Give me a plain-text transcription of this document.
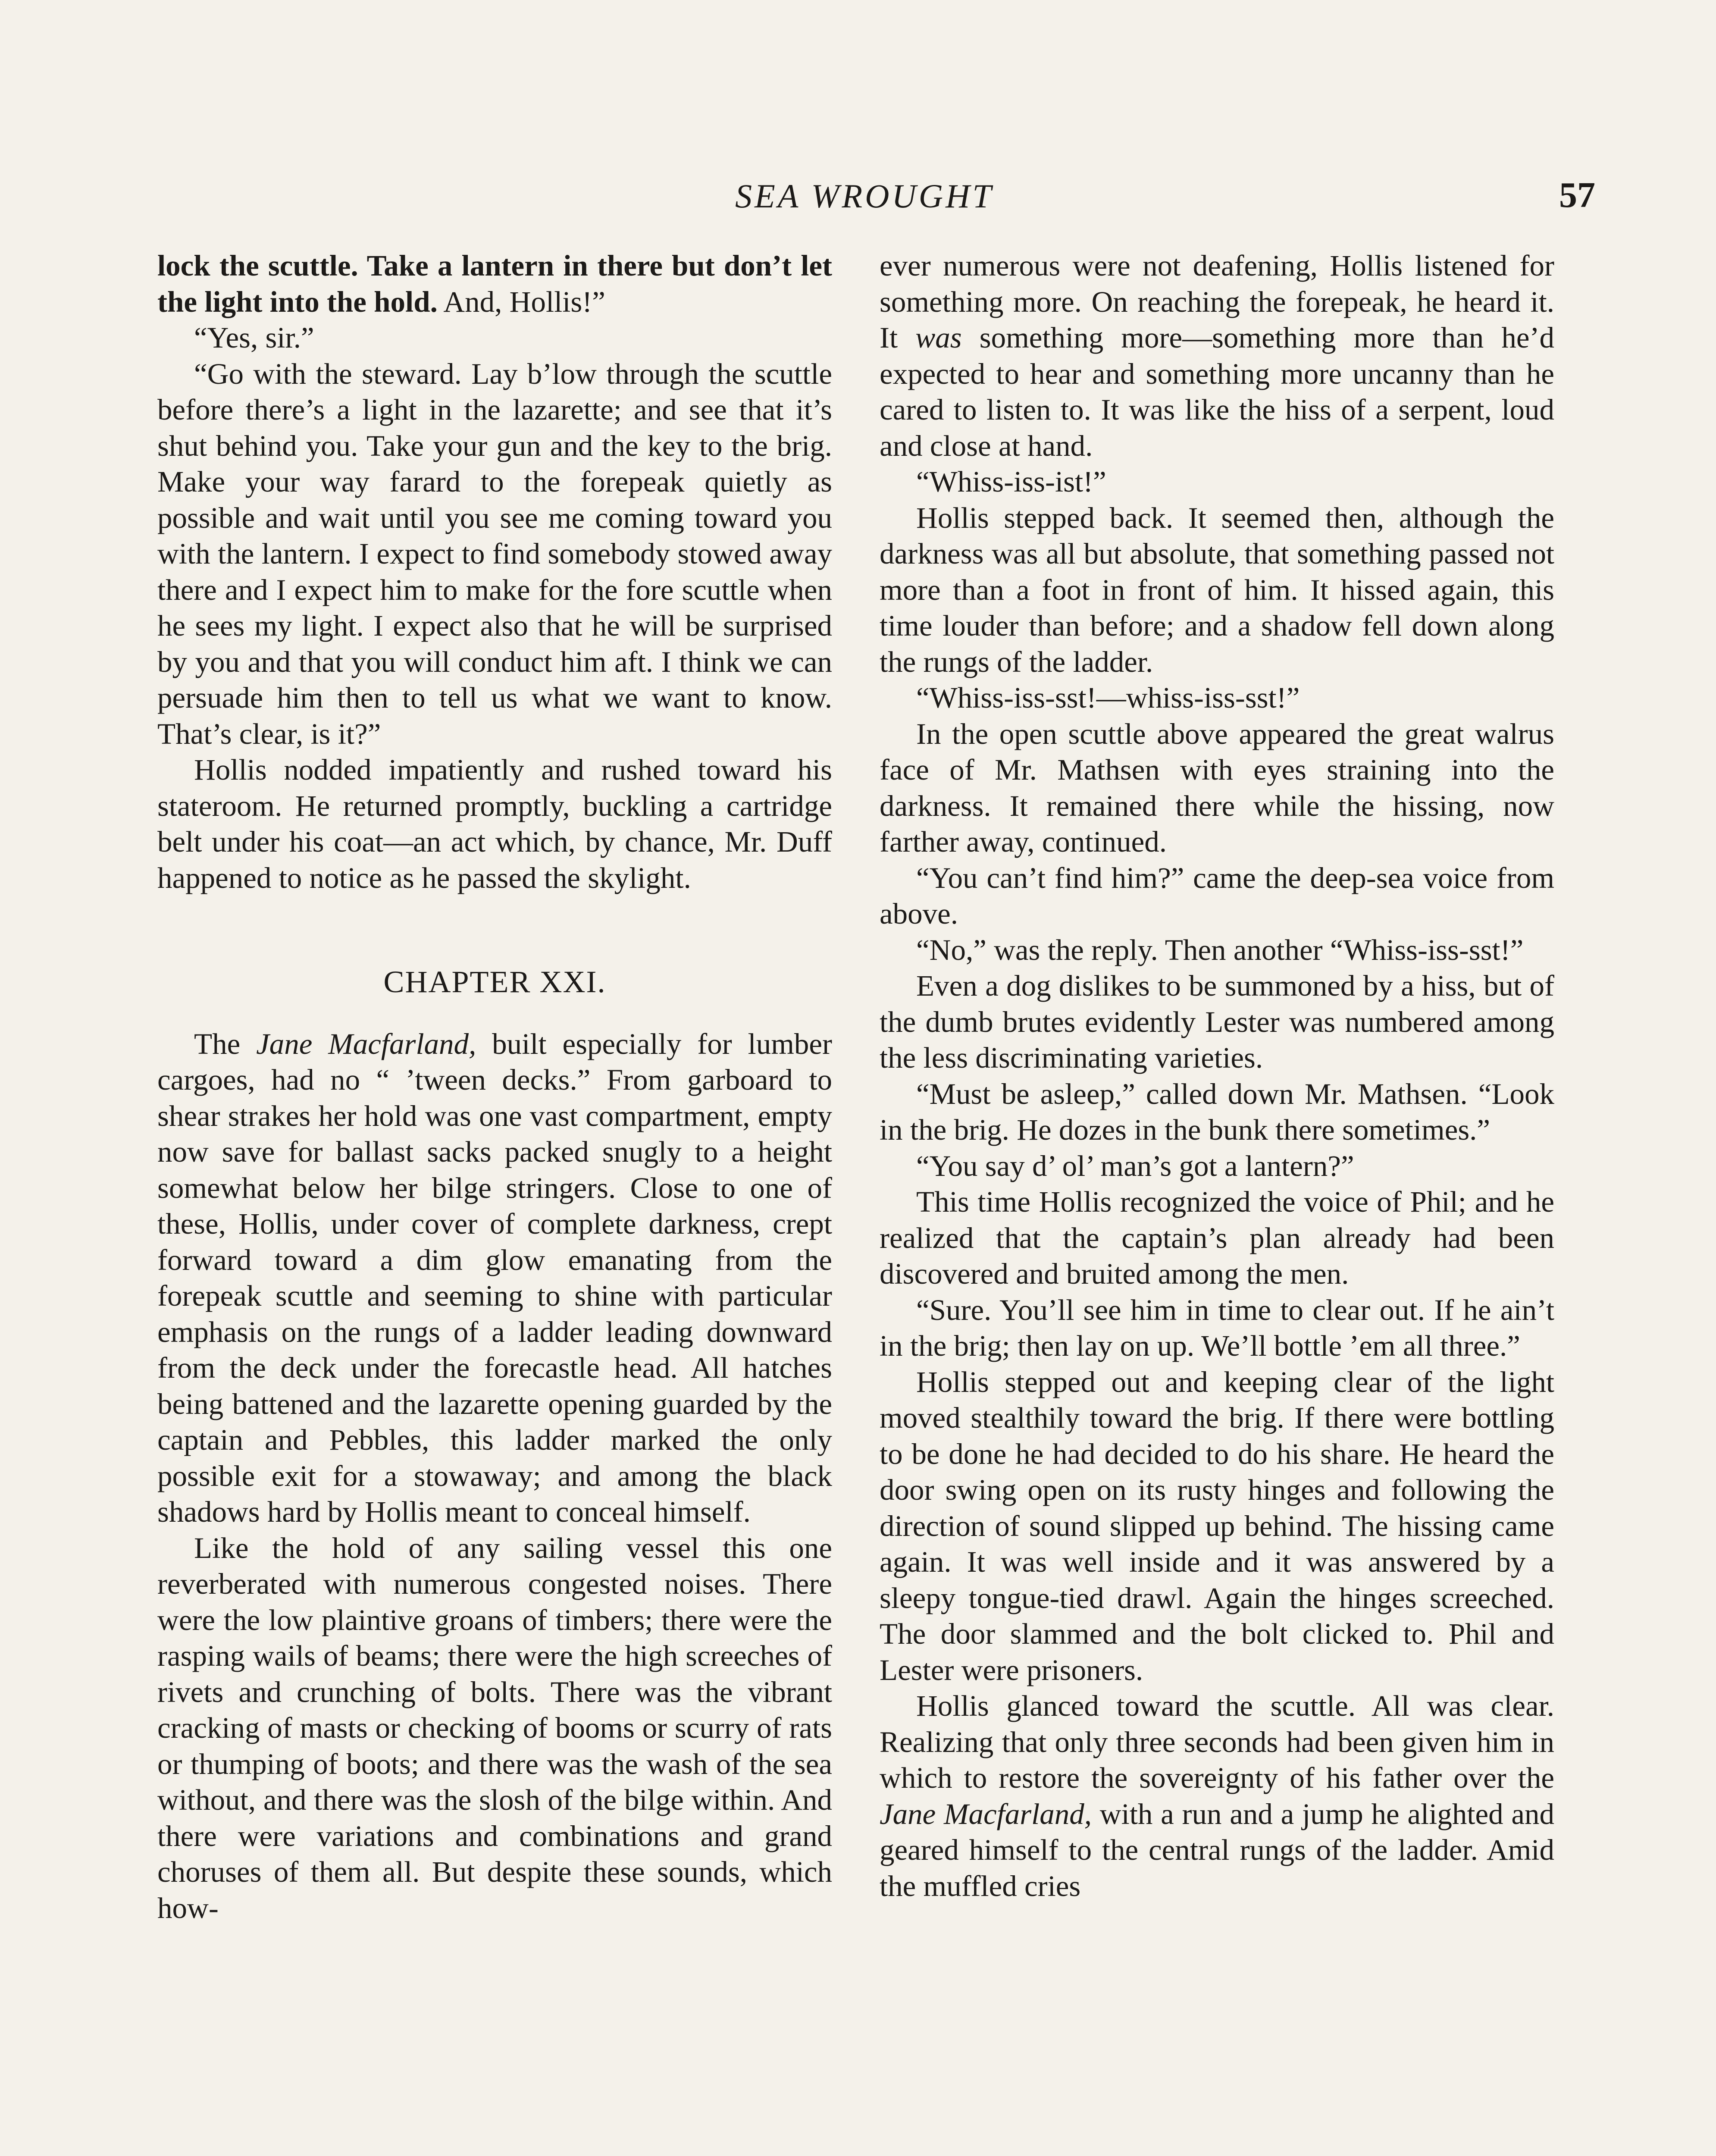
SEA WROUGHT	57

lock the scuttle. Take a lantern in there but don’t let the light into the hold. And, Hollis!”

“Yes, sir.”

“Go with the steward. Lay b’low through the scuttle before there’s a light in the lazarette; and see that it’s shut behind you. Take your gun and the key to the brig. Make your way farard to the forepeak quietly as possible and wait until you see me coming toward you with the lantern. I expect to find somebody stowed away there and I expect him to make for the fore scuttle when he sees my light. I expect also that he will be surprised by you and that you will conduct him aft. I think we can persuade him then to tell us what we want to know. That’s clear, is it?”

Hollis nodded impatiently and rushed toward his stateroom. He returned promptly, buckling a cartridge belt under his coat—an act which, by chance, Mr. Duff happened to notice as he passed the skylight.

CHAPTER XXI.

The Jane Macfarland, built especially for lumber cargoes, had no “ ’tween decks.” From garboard to shear strakes her hold was one vast compartment, empty now save for ballast sacks packed snugly to a height somewhat below her bilge stringers. Close to one of these, Hollis, under cover of complete darkness, crept forward toward a dim glow emanating from the forepeak scuttle and seeming to shine with particular emphasis on the rungs of a ladder leading downward from the deck under the forecastle head. All hatches being battened and the lazarette opening guarded by the captain and Pebbles, this ladder marked the only possible exit for a stowaway; and among the black shadows hard by Hollis meant to conceal himself.

Like the hold of any sailing vessel this one reverberated with numerous congested noises. There were the low plaintive groans of timbers; there were the rasping wails of beams; there were the high screeches of rivets and crunching of bolts. There was the vibrant cracking of masts or checking of booms or scurry of rats or thumping of boots; and there was the wash of the sea without, and there was the slosh of the bilge within. And there were variations and combinations and grand choruses of them all. But despite these sounds, which how-

ever numerous were not deafening, Hollis listened for something more. On reaching the forepeak, he heard it. It was something more—something more than he’d expected to hear and something more uncanny than he cared to listen to. It was like the hiss of a serpent, loud and close at hand.

“Whiss-iss-ist!”

Hollis stepped back. It seemed then, although the darkness was all but absolute, that something passed not more than a foot in front of him. It hissed again, this time louder than before; and a shadow fell down along the rungs of the ladder.

“Whiss-iss-sst!—whiss-iss-sst!”

In the open scuttle above appeared the great walrus face of Mr. Mathsen with eyes straining into the darkness. It remained there while the hissing, now farther away, continued.

“You can’t find him?” came the deep-sea voice from above.

“No,” was the reply. Then another “Whiss-iss-sst!”

Even a dog dislikes to be summoned by a hiss, but of the dumb brutes evidently Lester was numbered among the less discriminating varieties.

“Must be asleep,” called down Mr. Mathsen. “Look in the brig. He dozes in the bunk there sometimes.”

“You say d’ ol’ man’s got a lantern?”

This time Hollis recognized the voice of Phil; and he realized that the captain’s plan already had been discovered and bruited among the men.

“Sure. You’ll see him in time to clear out. If he ain’t in the brig; then lay on up. We’ll bottle ’em all three.”

Hollis stepped out and keeping clear of the light moved stealthily toward the brig. If there were bottling to be done he had decided to do his share. He heard the door swing open on its rusty hinges and following the direction of sound slipped up behind. The hissing came again. It was well inside and it was answered by a sleepy tongue-tied drawl. Again the hinges screeched. The door slammed and the bolt clicked to. Phil and Lester were prisoners.

Hollis glanced toward the scuttle. All was clear. Realizing that only three seconds had been given him in which to restore the sovereignty of his father over the Jane Macfarland, with a run and a jump he alighted and geared himself to the central rungs of the ladder. Amid the muffled cries
